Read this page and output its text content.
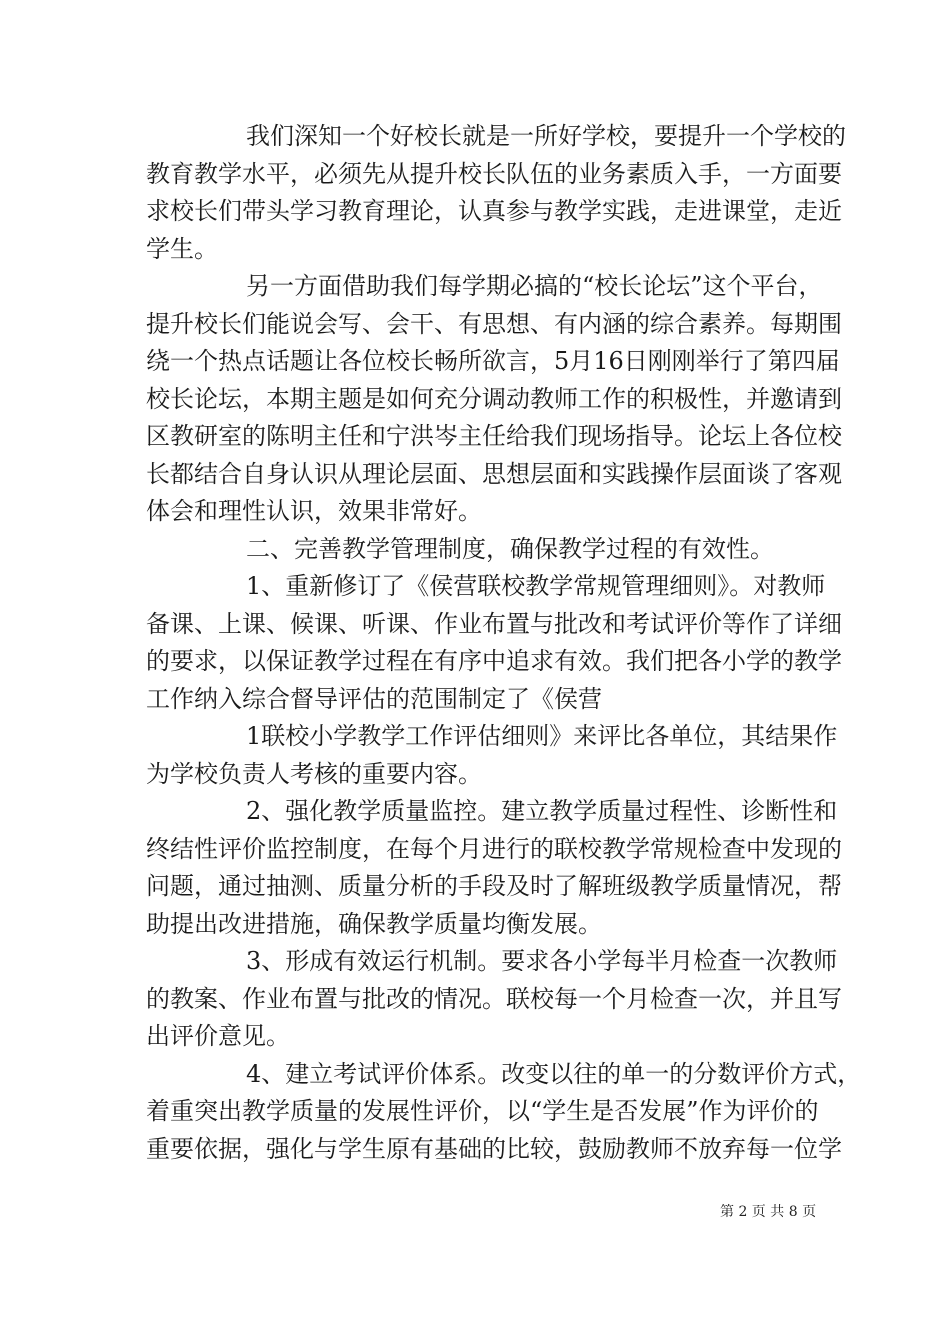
我们深知一个好校长就是一所好学校，要提升一个学校的
教育教学水平，必须先从提升校长队伍的业务素质入手，一方面要
求校长们带头学习教育理论，认真参与教学实践，走进课堂，走近
学生。
另一方面借助我们每学期必搞的“校长论坛”这个平台，
提升校长们能说会写、会干、有思想、有内涵的综合素养。每期围
绕一个热点话题让各位校长畅所欲言，5月16日刚刚举行了第四届
校长论坛，本期主题是如何充分调动教师工作的积极性，并邀请到
区教研室的陈明主任和宁洪岑主任给我们现场指导。论坛上各位校
长都结合自身认识从理论层面、思想层面和实践操作层面谈了客观
体会和理性认识，效果非常好。
二、完善教学管理制度，确保教学过程的有效性。
1、重新修订了《侯营联校教学常规管理细则》。对教师
备课、上课、候课、听课、作业布置与批改和考试评价等作了详细
的要求，以保证教学过程在有序中追求有效。我们把各小学的教学
工作纳入综合督导评估的范围制定了《侯营
1联校小学教学工作评估细则》来评比各单位，其结果作
为学校负责人考核的重要内容。
2、强化教学质量监控。建立教学质量过程性、诊断性和
终结性评价监控制度，在每个月进行的联校教学常规检查中发现的
问题，通过抽测、质量分析的手段及时了解班级教学质量情况，帮
助提出改进措施，确保教学质量均衡发展。
3、形成有效运行机制。要求各小学每半月检查一次教师
的教案、作业布置与批改的情况。联校每一个月检查一次，并且写
出评价意见。
4、建立考试评价体系。改变以往的单一的分数评价方式，
着重突出教学质量的发展性评价，以“学生是否发展”作为评价的
重要依据，强化与学生原有基础的比较，鼓励教师不放弃每一位学
第 2 页 共 8 页
